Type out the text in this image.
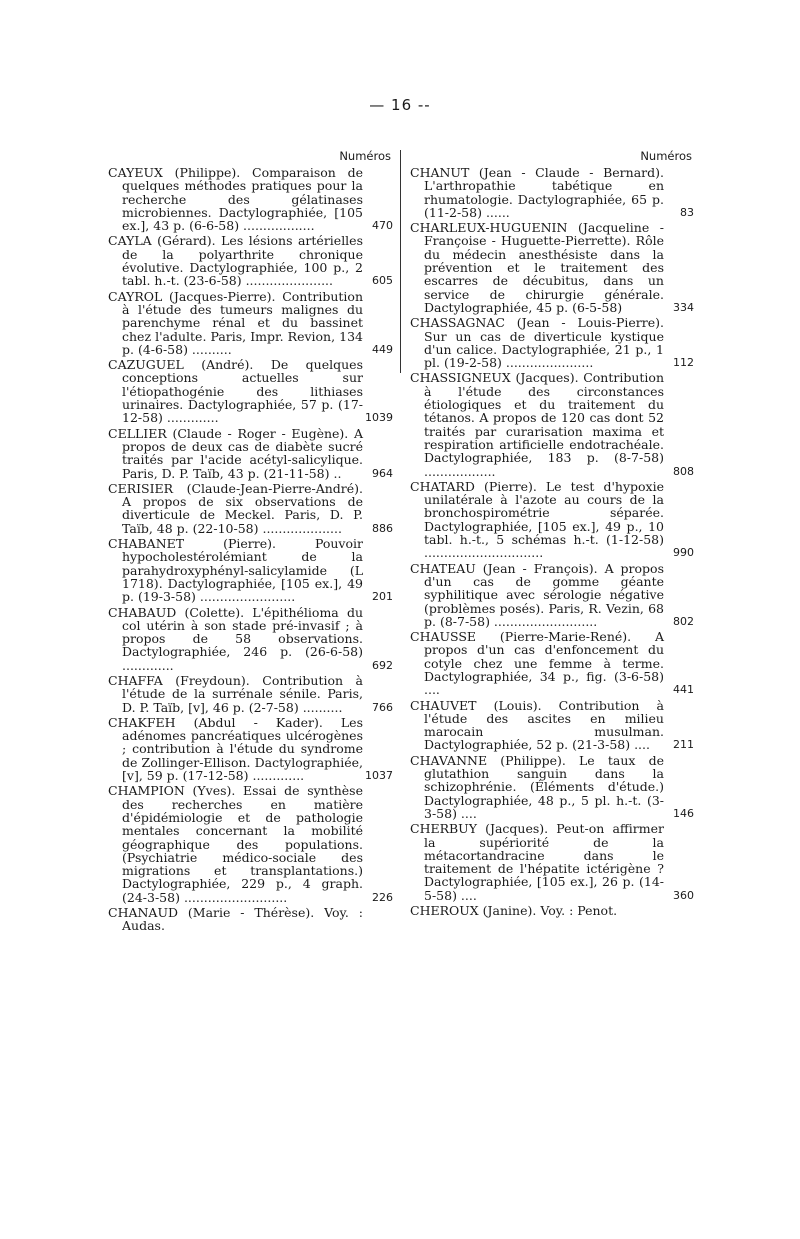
— 16 --
Numéros
CAYEUX (Philippe). Comparaison de quelques méthodes pratiques pour la recherche des gélatinases microbiennes. Dactylographiée, [105 ex.], 43 p. (6-6-58) ..................	470
CAYLA (Gérard). Les lésions artérielles de la polyarthrite chronique évolutive. Dactylographiée, 100 p., 2 tabl. h.-t. (23-6-58) ......................	605
CAYROL (Jacques-Pierre). Contribution à l'étude des tumeurs malignes du parenchyme rénal et du bassinet chez l'adulte. Paris, Impr. Revion, 134 p. (4-6-58) ..........	449
CAZUGUEL (André). De quelques conceptions actuelles sur l'étiopathogénie des lithiases urinaires. Dactylographiée, 57 p. (17-12-58) .............	1039
CELLIER (Claude - Roger - Eugène). A propos de deux cas de diabète sucré traités par l'acide acétyl-salicylique. Paris, D. P. Taïb, 43 p. (21-11-58) ..	964
CERISIER (Claude-Jean-Pierre-André). A propos de six observations de diverticule de Meckel. Paris, D. P. Taïb, 48 p. (22-10-58) ....................	886
CHABANET (Pierre). Pouvoir hypocholestérolémiant de la parahydroxyphényl-salicylamide (L 1718). Dactylographiée, [105 ex.], 49 p. (19-3-58) ........................	201
CHABAUD (Colette). L'épithélioma du col utérin à son stade pré-invasif ; à propos de 58 observations. Dactylographiée, 246 p. (26-6-58) .............	692
CHAFFA (Freydoun). Contribution à l'étude de la surrénale sénile. Paris, D. P. Taïb, [v], 46 p. (2-7-58) ..........	766
CHAKFEH (Abdul - Kader). Les adénomes pancréatiques ulcérogènes ; contribution à l'étude du syndrome de Zollinger-Ellison. Dactylographiée, [v], 59 p. (17-12-58) .............	1037
CHAMPION (Yves). Essai de synthèse des recherches en matière d'épidémiologie et de pathologie mentales concernant la mobilité géographique des populations. (Psychiatrie médico-sociale des migrations et transplantations.) Dactylographiée, 229 p., 4 graph. (24-3-58) ..........................	226
CHANAUD (Marie - Thérèse). Voy. : Audas.
Numéros
CHANUT (Jean - Claude - Bernard). L'arthropathie tabétique en rhumatologie. Dactylographiée, 65 p. (11-2-58) ......	83
CHARLEUX-HUGUENIN (Jacqueline - Françoise - Huguette-Pierrette). Rôle du médecin anesthésiste dans la prévention et le traitement des escarres de décubitus, dans un service de chirurgie générale. Dactylographiée, 45 p. (6-5-58)	334
CHASSAGNAC (Jean - Louis-Pierre). Sur un cas de diverticule kystique d'un calice. Dactylographiée, 21 p., 1 pl. (19-2-58) ......................	112
CHASSIGNEUX (Jacques). Contribution à l'étude des circonstances étiologiques et du traitement du tétanos. A propos de 120 cas dont 52 traités par curarisation maxima et respiration artificielle endotrachéale. Dactylographiée, 183 p. (8-7-58) ..................	808
CHATARD (Pierre). Le test d'hypoxie unilatérale à l'azote au cours de la bronchospirométrie séparée. Dactylographiée, [105 ex.], 49 p., 10 tabl. h.-t., 5 schémas h.-t. (1-12-58) ..............................	990
CHATEAU (Jean - François). A propos d'un cas de gomme géante syphilitique avec sérologie négative (problèmes posés). Paris, R. Vezin, 68 p. (8-7-58) ..........................	802
CHAUSSE (Pierre-Marie-René). A propos d'un cas d'enfoncement du cotyle chez une femme à terme. Dactylographiée, 34 p., fig. (3-6-58) ....	441
CHAUVET (Louis). Contribution à l'étude des ascites en milieu marocain musulman. Dactylographiée, 52 p. (21-3-58) ....	211
CHAVANNE (Philippe). Le taux de glutathion sanguin dans la schizophrénie. (Éléments d'étude.) Dactylographiée, 48 p., 5 pl. h.-t. (3-3-58) ....	146
CHERBUY (Jacques). Peut-on affirmer la supériorité de la métacortandracine dans le traitement de l'hépatite ictérigène ? Dactylographiée, [105 ex.], 26 p. (14-5-58) ....	360
CHEROUX (Janine). Voy. : Penot.
